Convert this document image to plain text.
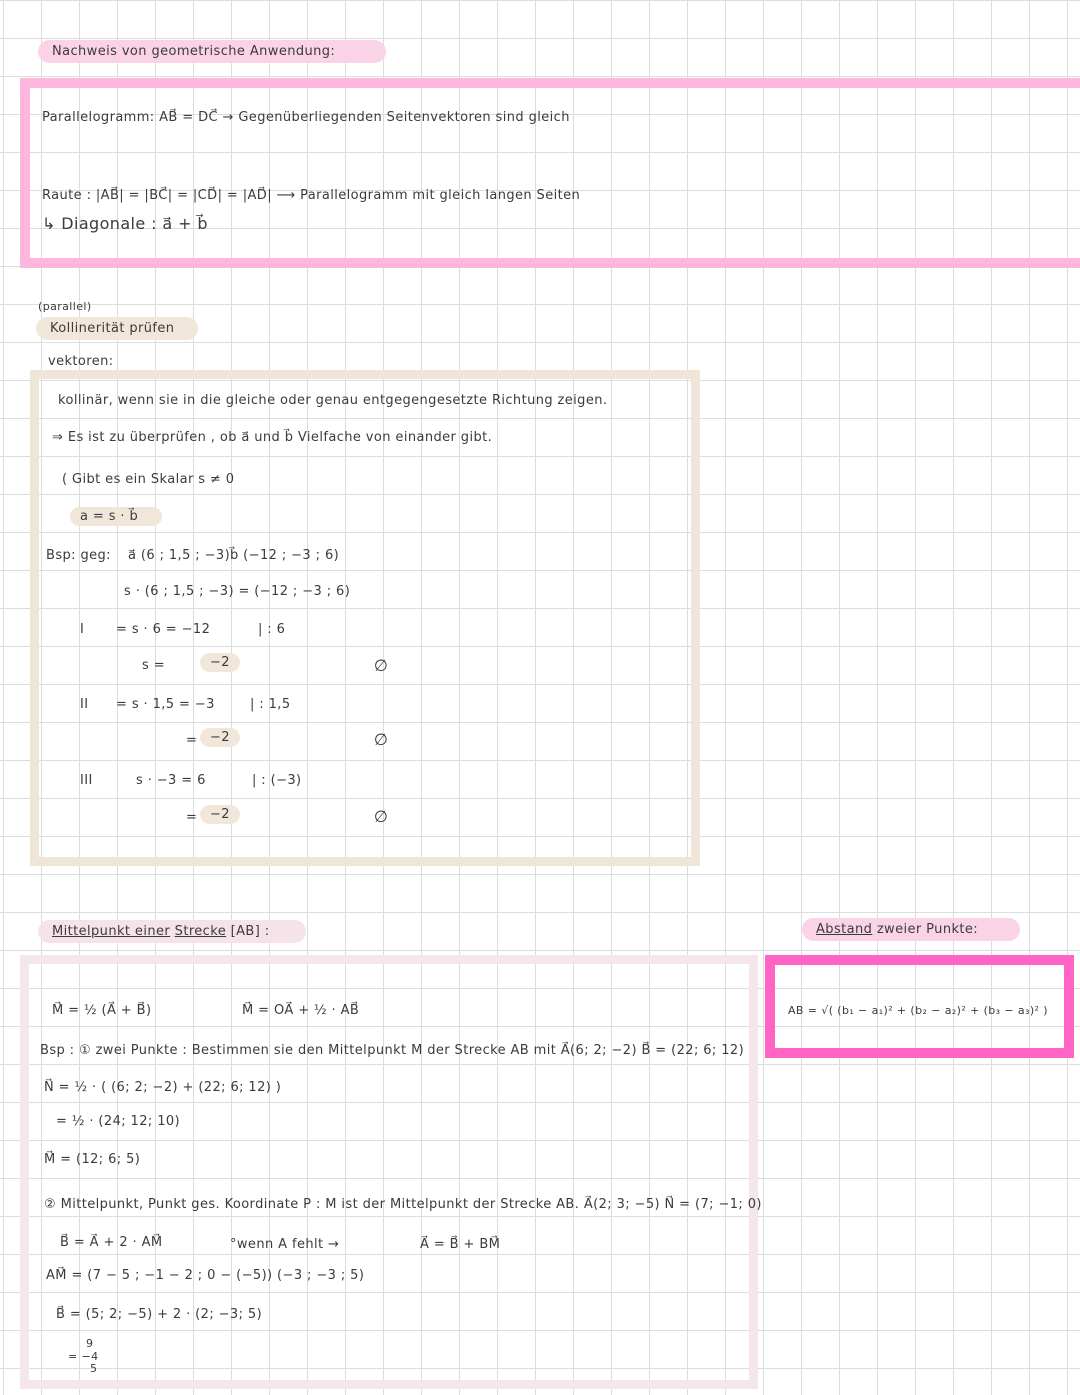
Nachweis von geometrische Anwendung:
Parallelogramm: AB⃗ = DC⃗ → Gegenüberliegenden Seitenvektoren sind gleich
Raute : |AB⃗| = |BC⃗| = |CD⃗| = |AD⃗| ⟶ Parallelogramm mit gleich langen Seiten
↳ Diagonale : a⃗ + b⃗
(parallel)
Kollinerität prüfen
vektoren:
kollinär, wenn sie in die gleiche oder genau entgegengesetzte Richtung zeigen.
⇒ Es ist zu überprüfen , ob a⃗ und b⃗ Vielfache von einander gibt.
( Gibt es ein Skalar s ≠ 0
a = s · b⃗
Bsp: geg: a⃗ (6 ; 1,5 ; −3) b⃗ (−12 ; −3 ; 6)
s · (6 ; 1,5 ; −3) = (−12 ; −3 ; 6)
I = s · 6 = −12	| : 6
s =	−2	∅
II = s · 1,5 = −3	| : 1,5
= −2	∅
III	s · −3 = 6	| : (−3)
= −2	∅
Mittelpunkt einer Strecke [AB] :
M⃗ = ½ (A⃗ + B⃗)	M⃗ = OA⃗ + ½ · AB⃗
Bsp : ① zwei Punkte : Bestimmen sie den Mittelpunkt M der Strecke AB mit A⃗(6; 2; −2) B⃗ = (22; 6; 12)
N⃗ = ½ · ( (6; 2; −2) + (22; 6; 12) )
= ½ · (24; 12; 10)
M⃗ = (12; 6; 5)
② Mittelpunkt, Punkt ges. Koordinate P : M ist der Mittelpunkt der Strecke AB. A⃗(2; 3; −5) N⃗ = (7; −1; 0)
B⃗ = A⃗ + 2 · AM⃗	°wenn A fehlt →	A⃗ = B⃗ + BM⃗
AM⃗ = (7 − 5 ; −1 − 2 ; 0 − (−5)) (−3 ; −3 ; 5)
B⃗ = (5; 2; −5) + 2 · (2; −3; 5)
9
= −4
5
Abstand zweier Punkte:
AB = √( (b₁ − a₁)² + (b₂ − a₂)² + (b₃ − a₃)² )
